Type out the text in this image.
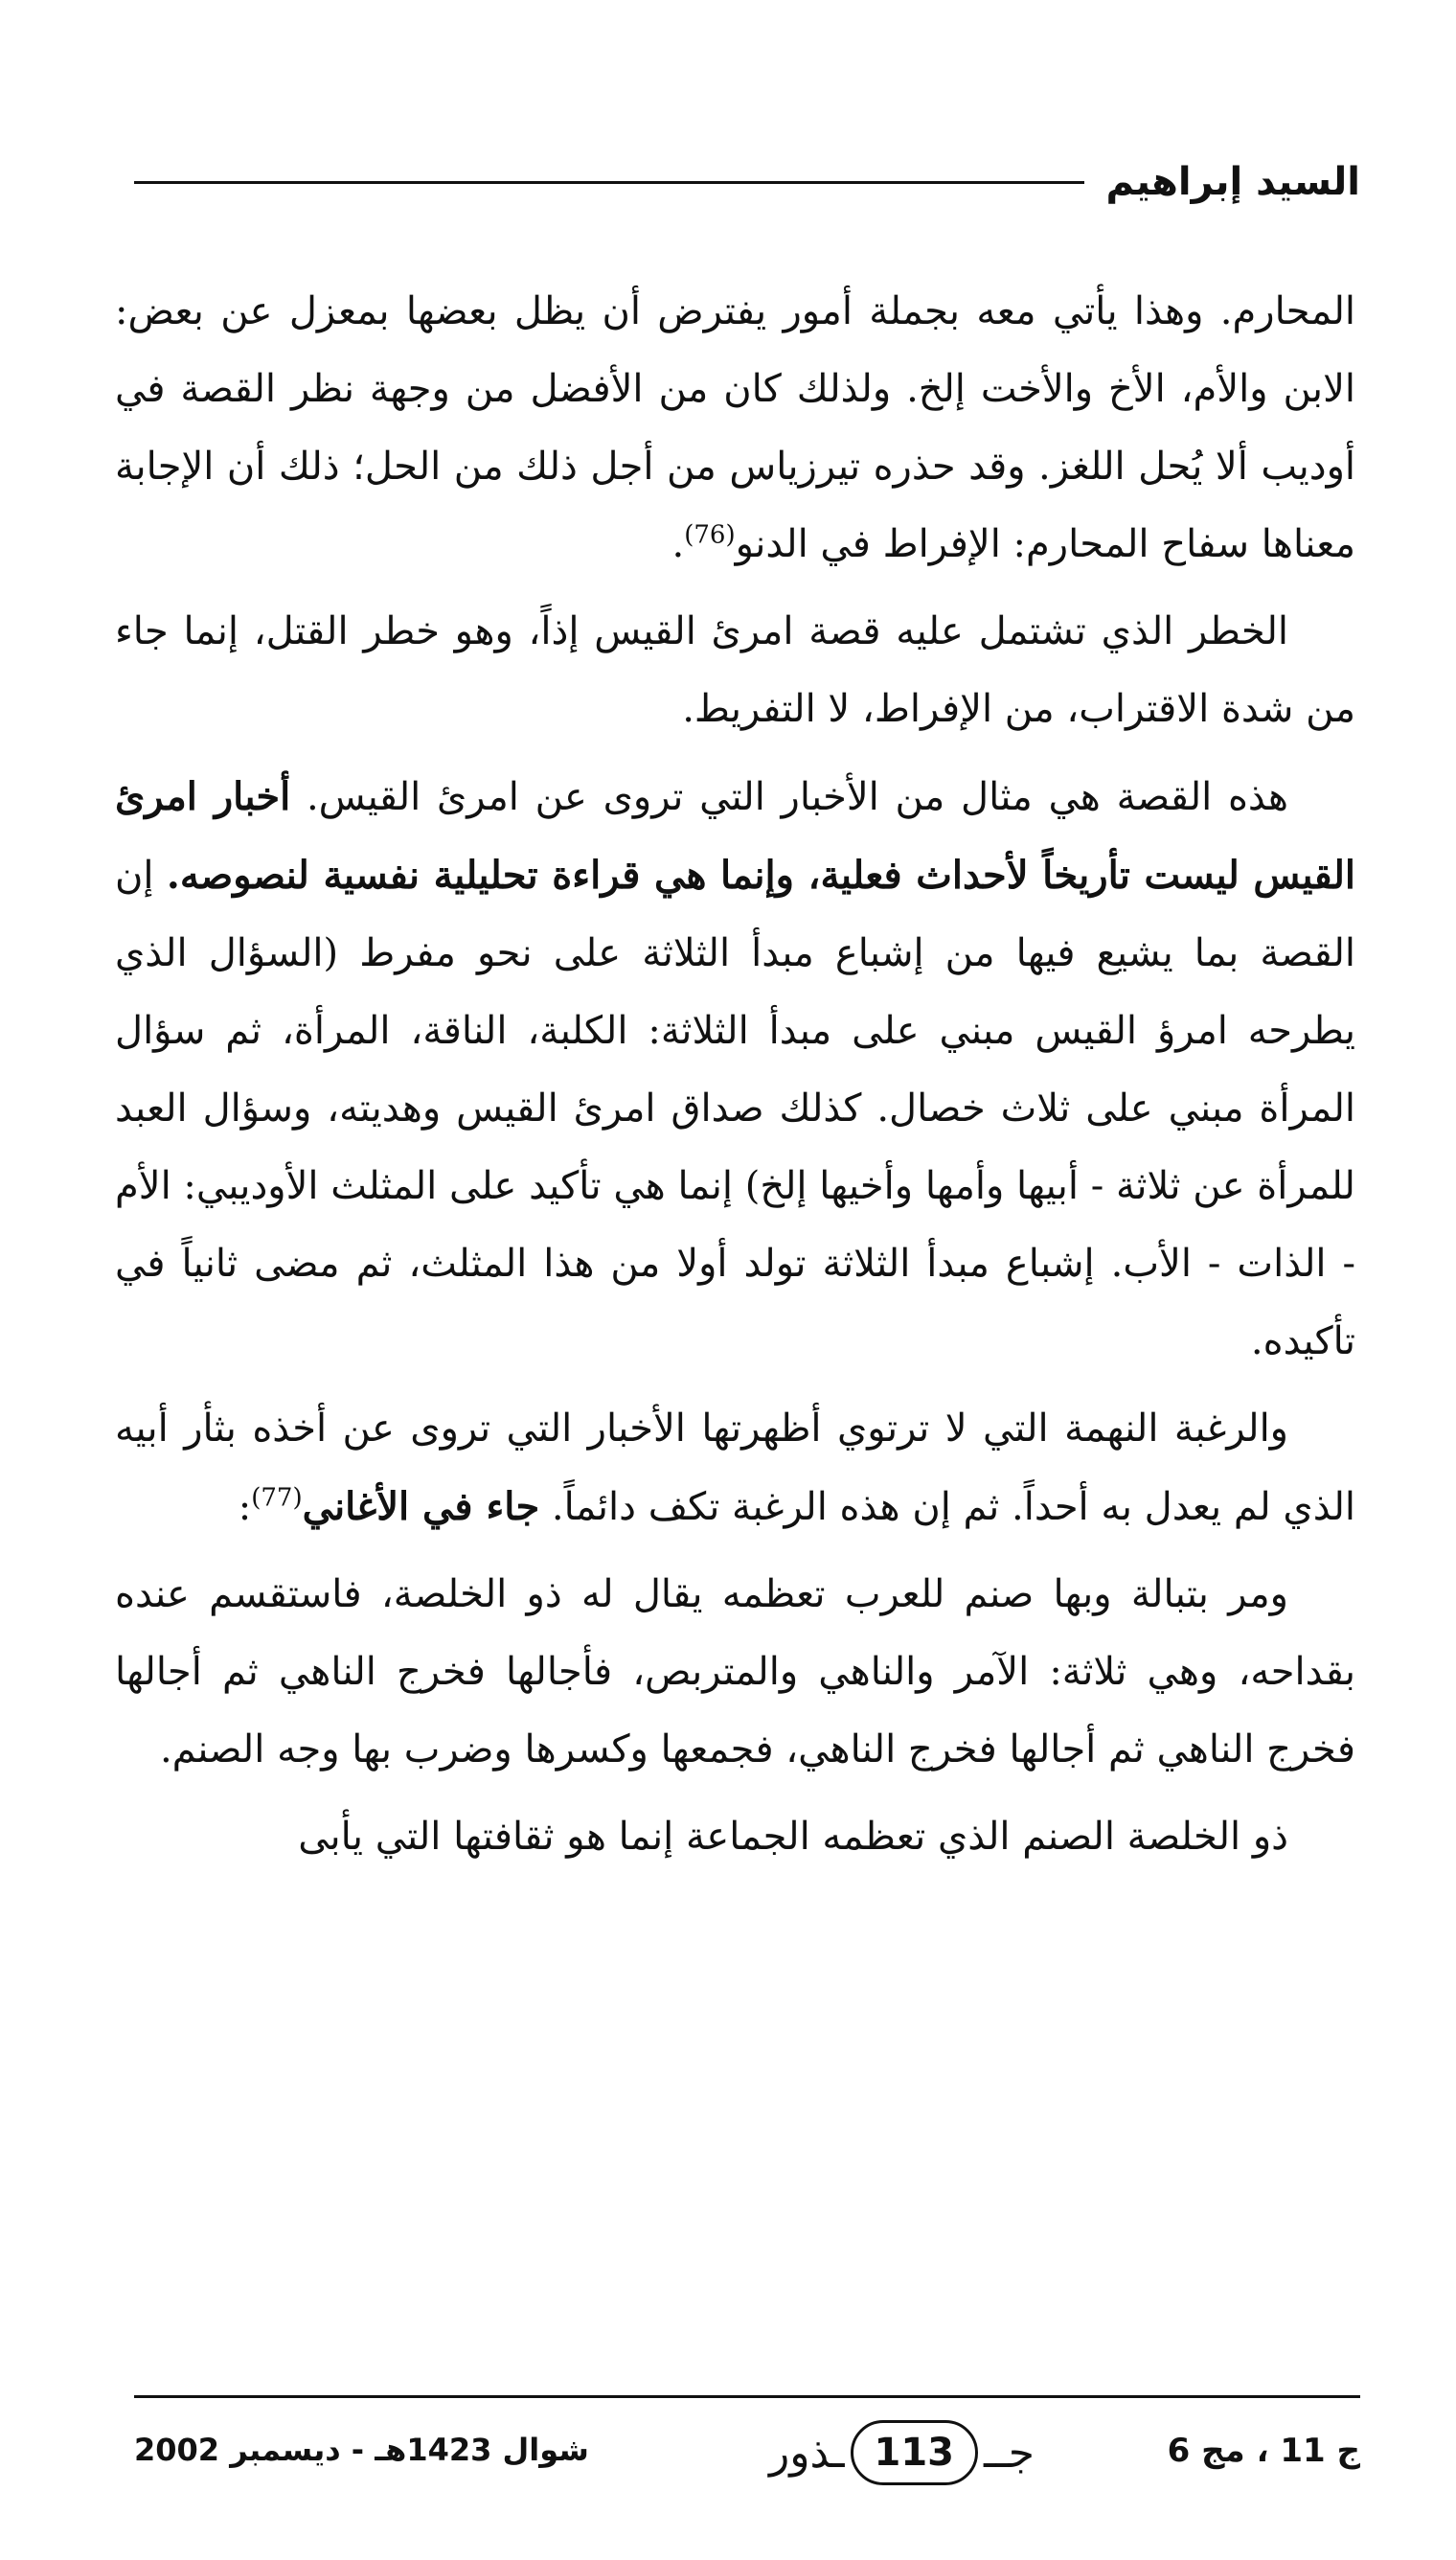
السيد إبراهيم

المحارم. وهذا يأتي معه بجملة أمور يفترض أن يظل بعضها بمعزل عن بعض: الابن والأم، الأخ والأخت إلخ. ولذلك كان من الأفضل من وجهة نظر القصة في أوديب ألا يُحل اللغز. وقد حذره تيرزياس من أجل ذلك من الحل؛ ذلك أن الإجابة معناها سفاح المحارم: الإفراط في الدنو$^{(76)}$.

الخطر الذي تشتمل عليه قصة امرئ القيس إذاً، وهو خطر القتل، إنما جاء من شدة الاقتراب، من الإفراط، لا التفريط.

هذه القصة هي مثال من الأخبار التي تروى عن امرئ القيس. أخبار امرئ القيس ليست تأريخاً لأحداث فعلية، وإنما هي قراءة تحليلية نفسية لنصوصه. إن القصة بما يشيع فيها من إشباع مبدأ الثلاثة على نحو مفرط (السؤال الذي يطرحه امرؤ القيس مبني على مبدأ الثلاثة: الكلبة، الناقة، المرأة، ثم سؤال المرأة مبني على ثلاث خصال. كذلك صداق امرئ القيس وهديته، وسؤال العبد للمرأة عن ثلاثة - أبيها وأمها وأخيها إلخ) إنما هي تأكيد على المثلث الأوديبي: الأم - الذات - الأب. إشباع مبدأ الثلاثة تولد أولا من هذا المثلث، ثم مضى ثانياً في تأكيده.

والرغبة النهمة التي لا ترتوي أظهرتها الأخبار التي تروى عن أخذه بثأر أبيه الذي لم يعدل به أحداً. ثم إن هذه الرغبة تكف دائماً. جاء في الأغاني$^{(77)}$:

ومر بتبالة وبها صنم للعرب تعظمه يقال له ذو الخلصة، فاستقسم عنده بقداحه، وهي ثلاثة: الآمر والناهي والمتربص، فأجالها فخرج الناهي ثم أجالها فخرج الناهي ثم أجالها فخرج الناهي، فجمعها وكسرها وضرب بها وجه الصنم.

ذو الخلصة الصنم الذي تعظمه الجماعة إنما هو ثقافتها التي يأبى

ج 11 ، مج 6
جــ
113
ـذور
شوال 1423هـ - ديسمبر 2002
